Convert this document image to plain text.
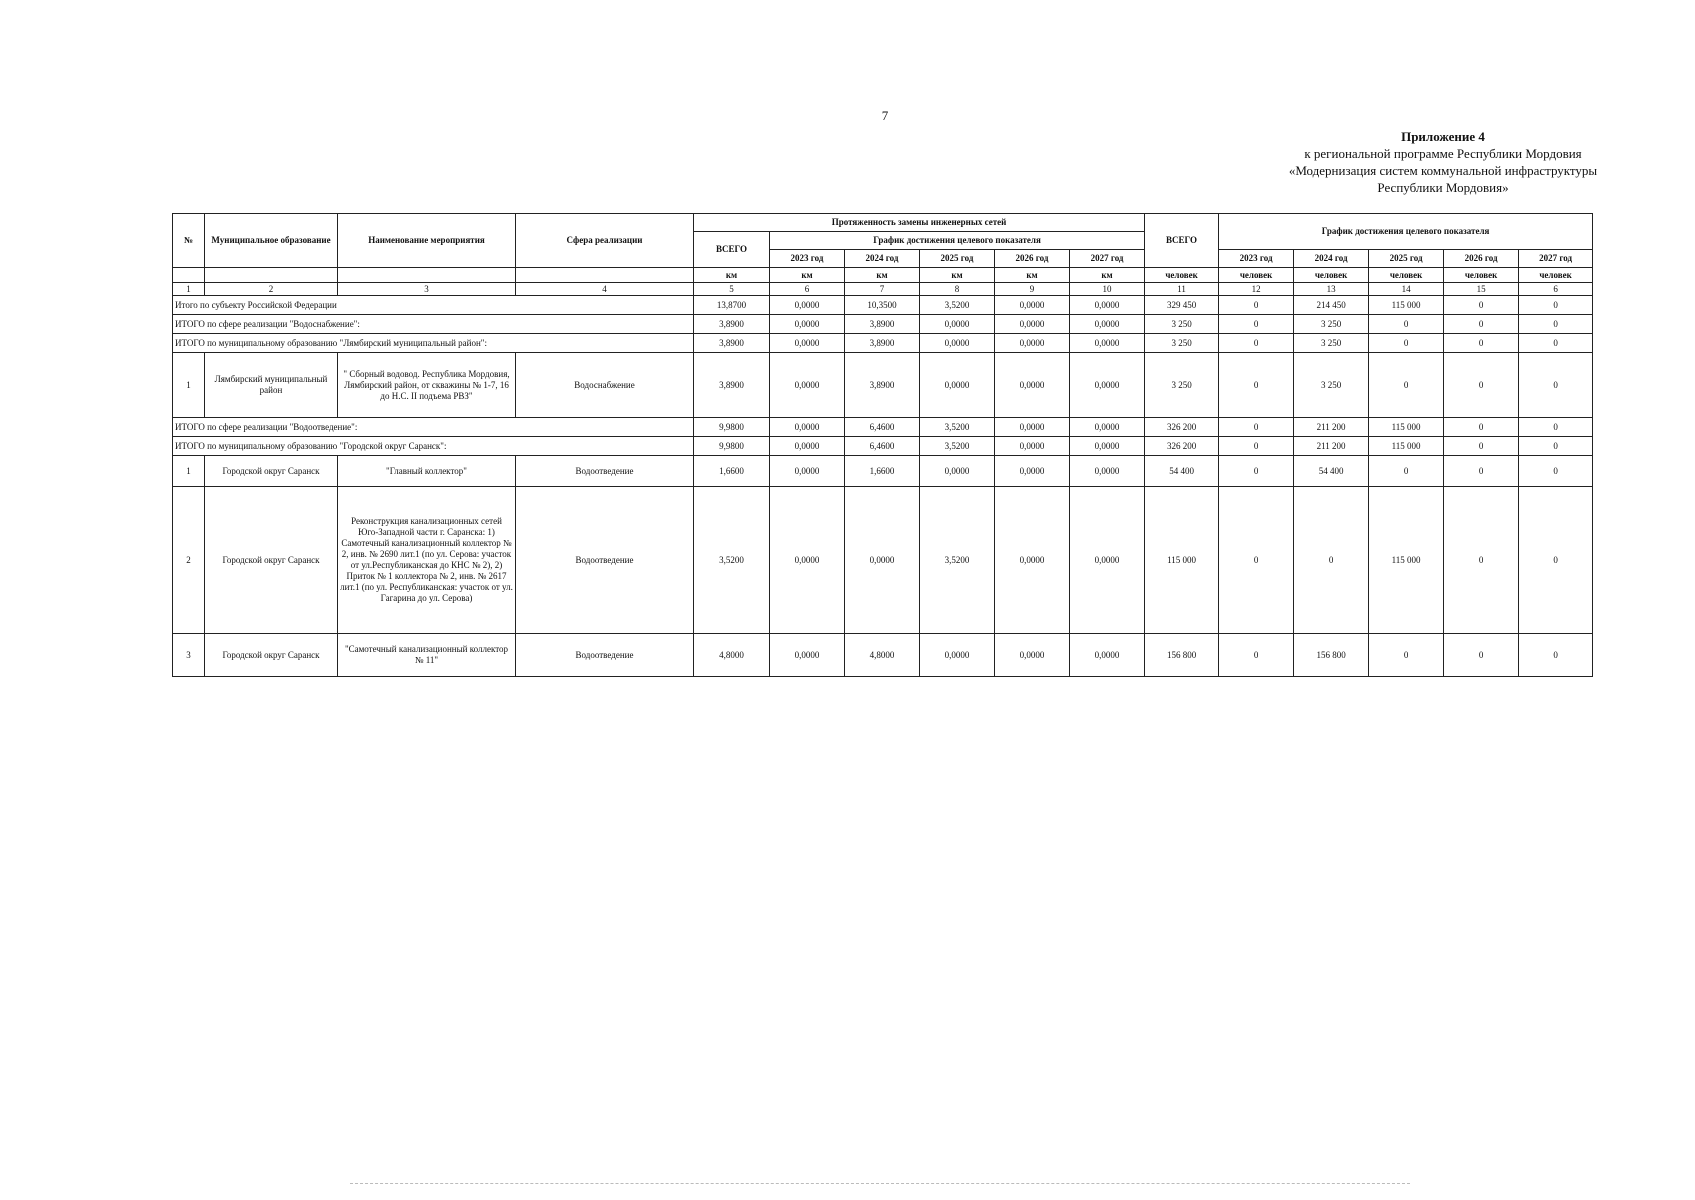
7
Приложение 4
к региональной программе Республики Мордовия
«Модернизация систем коммунальной инфраструктуры
Республики Мордовия»
№	Муниципальное образование	Наименование мероприятия	Сфера реализации	Протяженность замены инженерных сетей						ВСЕГО	График достижения целевого показателя				
				ВСЕГО	График достижения целевого показателя										
					2023 год	2024 год	2025 год	2026 год	2027 год		2023 год	2024 год	2025 год	2026 год	2027 год
				км	км	км	км	км	км	человек	человек	человек	человек	человек	человек
1	2	3	4	5	6	7	8	9	10	11	12	13	14	15	6
Итого по субъекту Российской Федерации				13,8700	0,0000	10,3500	3,5200	0,0000	0,0000	329 450	0	214 450	115 000	0	0
ИТОГО по сфере реализации "Водоснабжение":				3,8900	0,0000	3,8900	0,0000	0,0000	0,0000	3 250	0	3 250	0	0	0
ИТОГО по муниципальному образованию "Лямбирский муниципальный район":				3,8900	0,0000	3,8900	0,0000	0,0000	0,0000	3 250	0	3 250	0	0	0
1	Лямбирский муниципальный район	" Сборный водовод. Республика Мордовия, Лямбирский район, от скважины № 1-7, 16 до Н.С. II подъема РВЗ"	Водоснабжение	3,8900	0,0000	3,8900	0,0000	0,0000	0,0000	3 250	0	3 250	0	0	0
ИТОГО по сфере реализации "Водоотведение":				9,9800	0,0000	6,4600	3,5200	0,0000	0,0000	326 200	0	211 200	115 000	0	0
ИТОГО по муниципальному образованию "Городской округ Саранск":				9,9800	0,0000	6,4600	3,5200	0,0000	0,0000	326 200	0	211 200	115 000	0	0
1	Городской округ Саранск	"Главный коллектор"	Водоотведение	1,6600	0,0000	1,6600	0,0000	0,0000	0,0000	54 400	0	54 400	0	0	0
2	Городской округ Саранск	Реконструкция канализационных сетей Юго-Западной части г. Саранска: 1) Самотечный канализационный коллектор № 2, инв. № 2690 лит.1 (по ул. Серова: участок от ул.Республиканская до КНС № 2), 2) Приток № 1 коллектора № 2, инв. № 2617 лит.1 (по ул. Республиканская: участок от ул. Гагарина до ул. Серова)	Водоотведение	3,5200	0,0000	0,0000	3,5200	0,0000	0,0000	115 000	0	0	115 000	0	0
3	Городской округ Саранск	"Самотечный канализационный коллектор № 11"	Водоотведение	4,8000	0,0000	4,8000	0,0000	0,0000	0,0000	156 800	0	156 800	0	0	0
